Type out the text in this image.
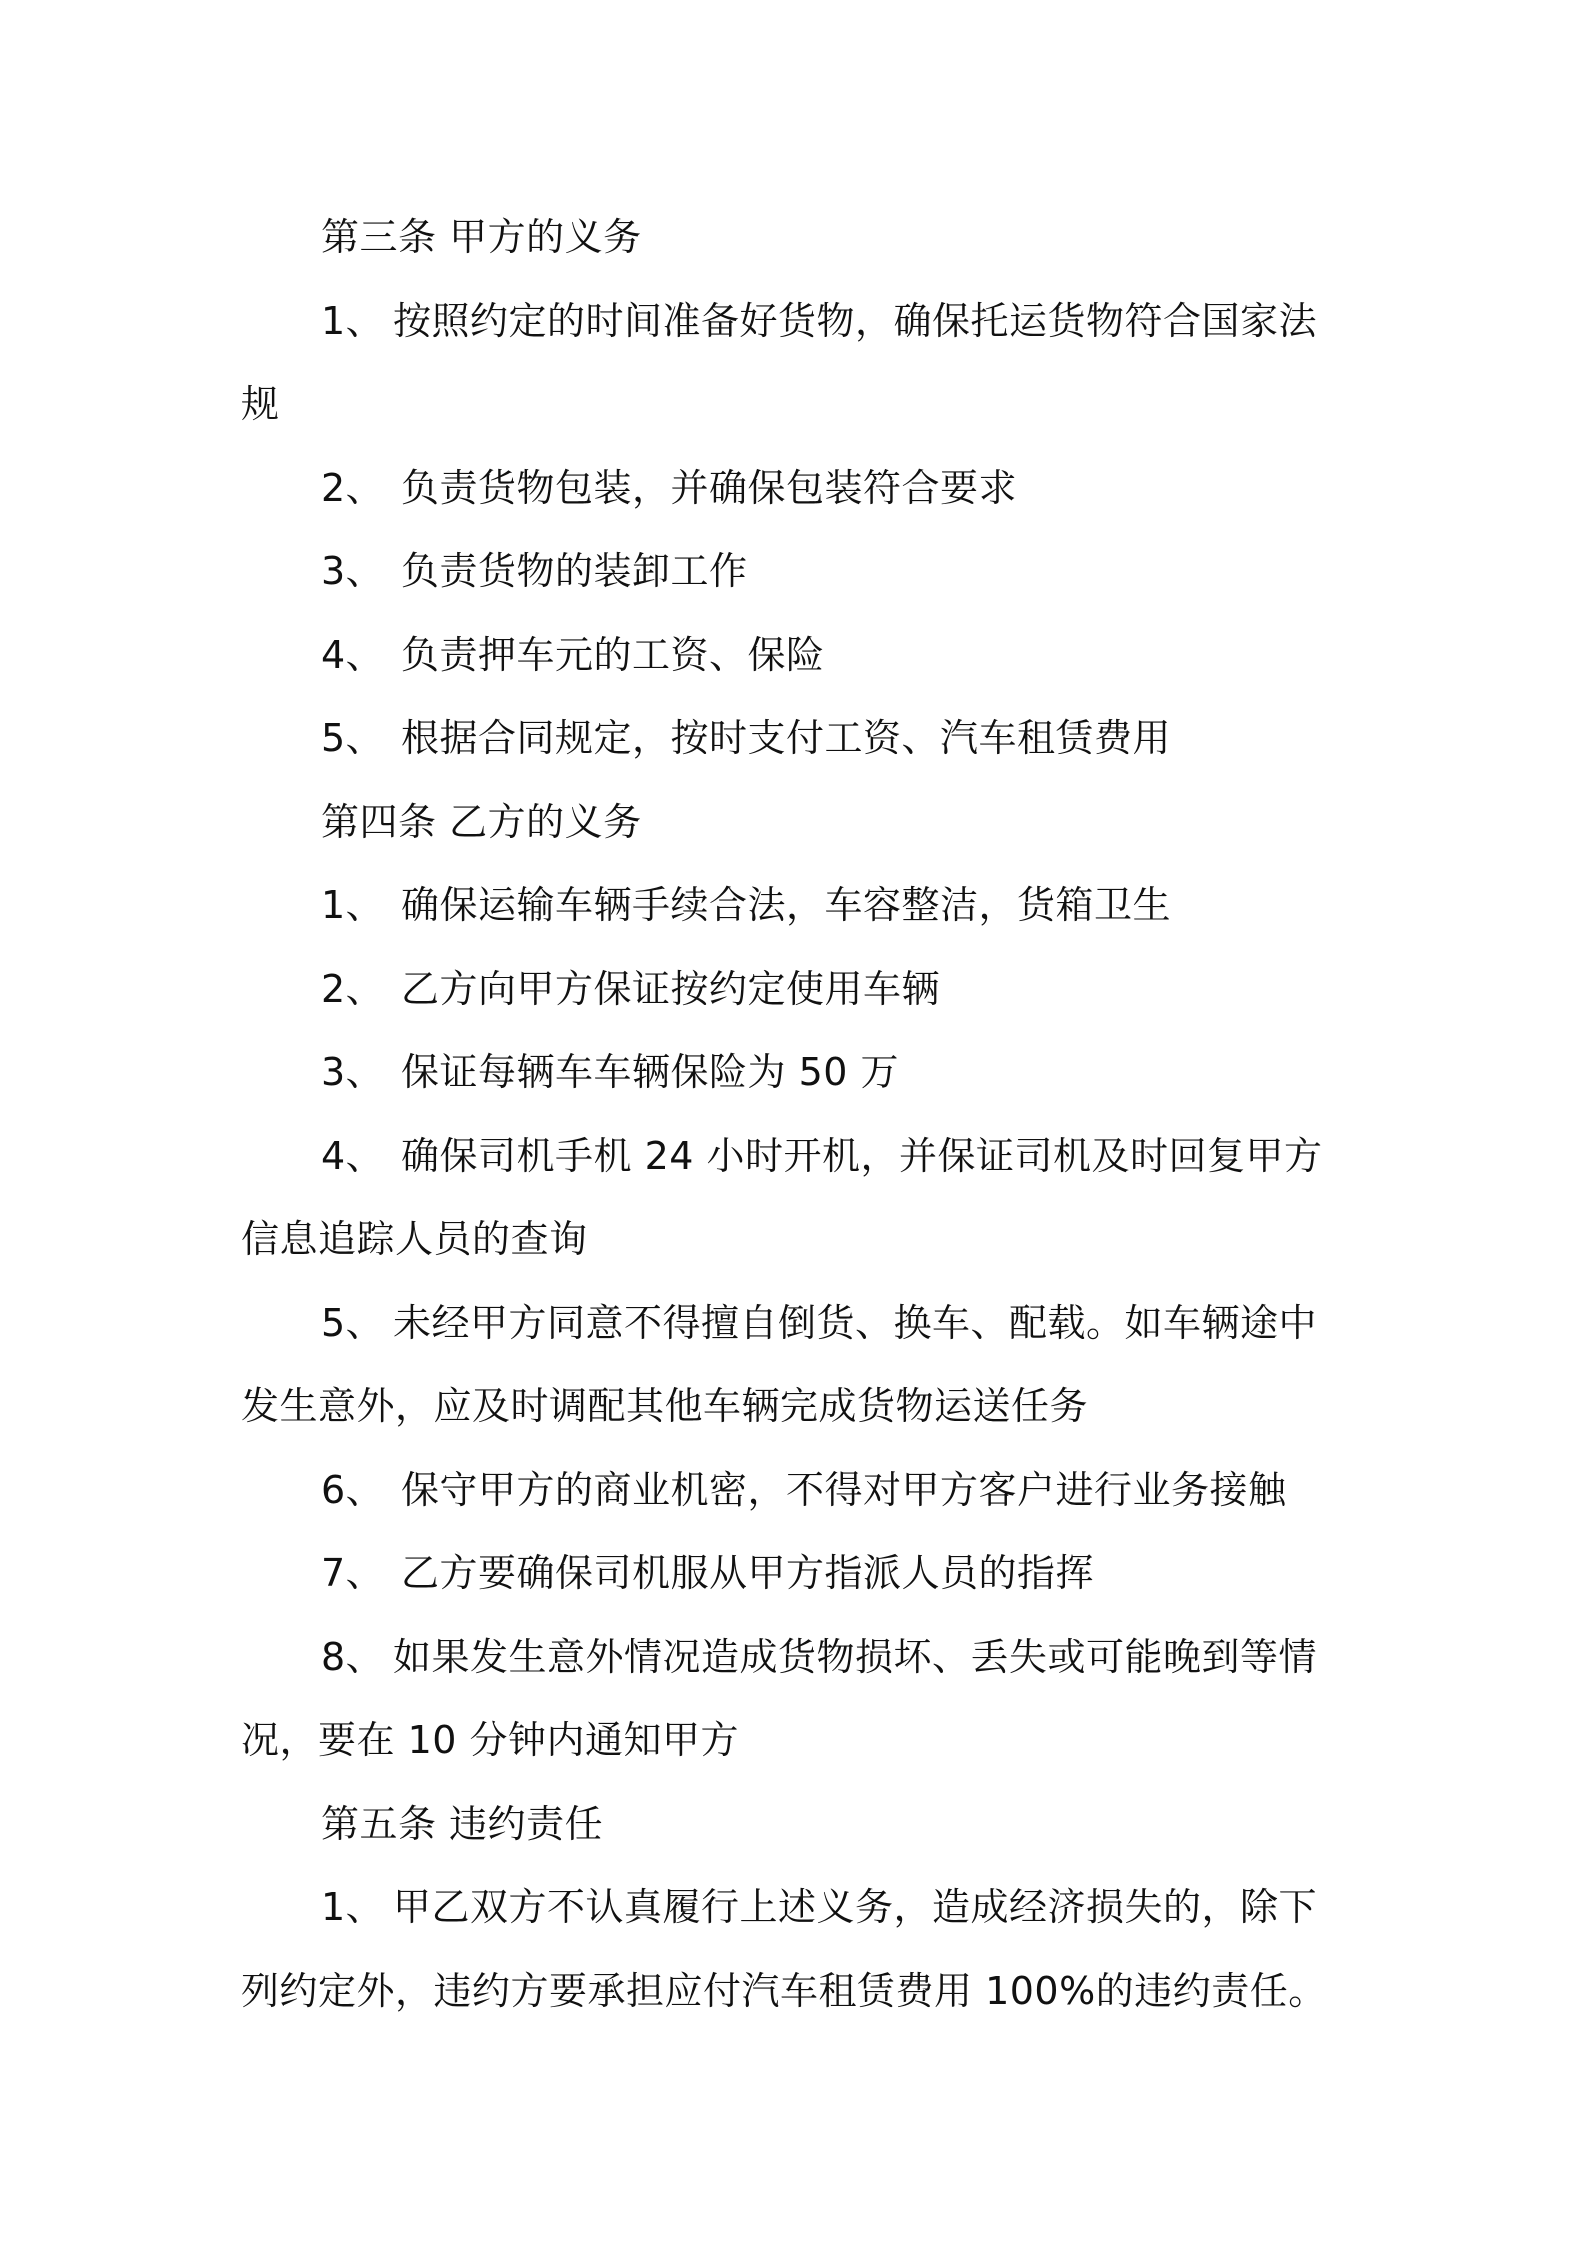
第三条 甲方的义务
1、 按照约定的时间准备好货物，确保托运货物符合国家法
规
2、 负责货物包装，并确保包装符合要求
3、 负责货物的装卸工作
4、 负责押车元的工资、保险
5、 根据合同规定，按时支付工资、汽车租赁费用
第四条 乙方的义务
1、 确保运输车辆手续合法，车容整洁，货箱卫生
2、 乙方向甲方保证按约定使用车辆
3、 保证每辆车车辆保险为 50 万
4、 确保司机手机 24 小时开机，并保证司机及时回复甲方
信息追踪人员的查询
5、 未经甲方同意不得擅自倒货、换车、配载。如车辆途中
发生意外，应及时调配其他车辆完成货物运送任务
6、 保守甲方的商业机密，不得对甲方客户进行业务接触
7、 乙方要确保司机服从甲方指派人员的指挥
8、 如果发生意外情况造成货物损坏、丢失或可能晚到等情
况，要在 10 分钟内通知甲方
第五条 违约责任
1、 甲乙双方不认真履行上述义务，造成经济损失的，除下
列约定外，违约方要承担应付汽车租赁费用 100%的违约责任。
